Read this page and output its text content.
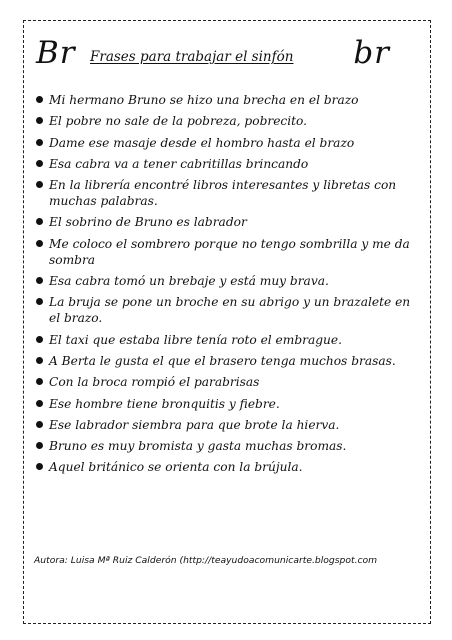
Br Frases para trabajar el sinfón br
Mi hermano Bruno se hizo una brecha en el brazo
El pobre no sale de la pobreza, pobrecito.
Dame ese masaje desde el hombro hasta el brazo
Esa cabra va a tener cabritillas brincando
En la librería encontré libros interesantes y libretas con muchas palabras.
El sobrino de Bruno es labrador
Me coloco el sombrero porque no tengo sombrilla y me da sombra
Esa cabra tomó un brebaje y está muy brava.
La bruja se pone un broche en su abrigo y un brazalete en el brazo.
El taxi que estaba libre tenía roto el embrague.
A Berta le gusta el que el brasero tenga muchos brasas.
Con la broca rompió el parabrisas
Ese hombre tiene bronquitis y fiebre.
Ese labrador siembra para que brote la hierva.
Bruno es muy bromista y gasta muchas bromas.
Aquel británico se orienta con la brújula.
Autora: Luisa Mª Ruiz Calderón (http://teayudoacomunicarte.blogspot.com
